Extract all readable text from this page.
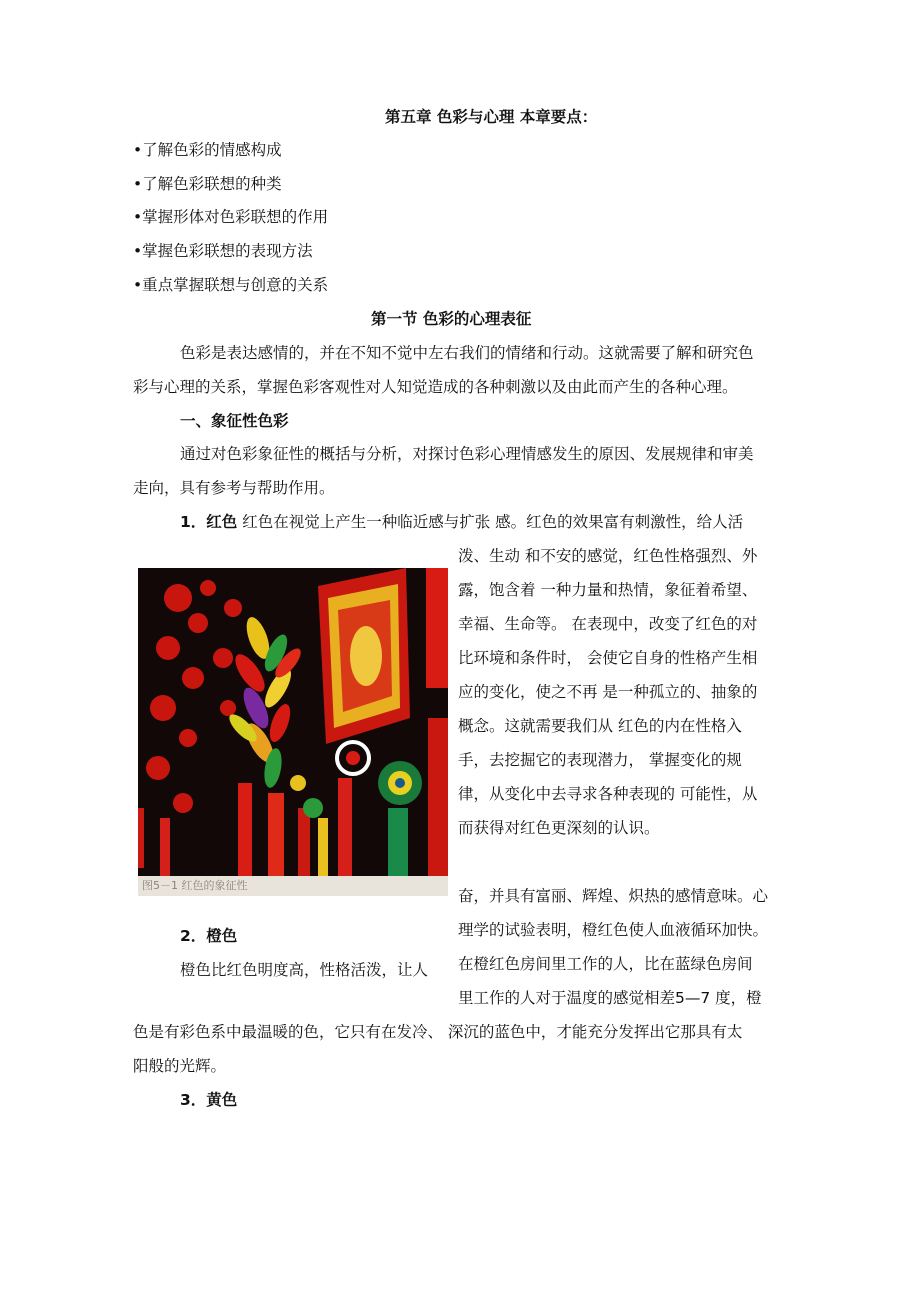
第五章 色彩与心理 本章要点：
•了解色彩的情感构成
•了解色彩联想的种类
•掌握形体对色彩联想的作用
•掌握色彩联想的表现方法
•重点掌握联想与创意的关系
第一节 色彩的心理表征
色彩是表达感情的，并在不知不觉中左右我们的情绪和行动。这就需要了解和研究色
彩与心理的关系，掌握色彩客观性对人知觉造成的各种刺激以及由此而产生的各种心理。
一、象征性色彩
通过对色彩象征性的概括与分析，对探讨色彩心理情感发生的原因、发展规律和审美
走向，具有参考与帮助作用。
1．红色 红色在视觉上产生一种临近感与扩张 感。红色的效果富有刺激性，给人活
泼、生动 和不安的感觉，红色性格强烈、外
露，饱含着 一种力量和热情，象征着希望、
幸福、生命等。 在表现中，改变了红色的对
比环境和条件时， 会使它自身的性格产生相
应的变化，使之不再 是一种孤立的、抽象的
概念。这就需要我们从 红色的内在性格入
手，去挖掘它的表现潜力， 掌握变化的规
律，从变化中去寻求各种表现的 可能性，从
而获得对红色更深刻的认识。
图5－1 红色的象征性
奋，并具有富丽、辉煌、炽热的感情意味。心
理学的试验表明，橙红色使人血液循环加快。
在橙红色房间里工作的人，比在蓝绿色房间
里工作的人对于温度的感觉相差5—7 度，橙
2．橙色
橙色比红色明度高，性格活泼，让人
色是有彩色系中最温暖的色，它只有在发冷、 深沉的蓝色中，才能充分发挥出它那具有太
阳般的光辉。
3．黄色
